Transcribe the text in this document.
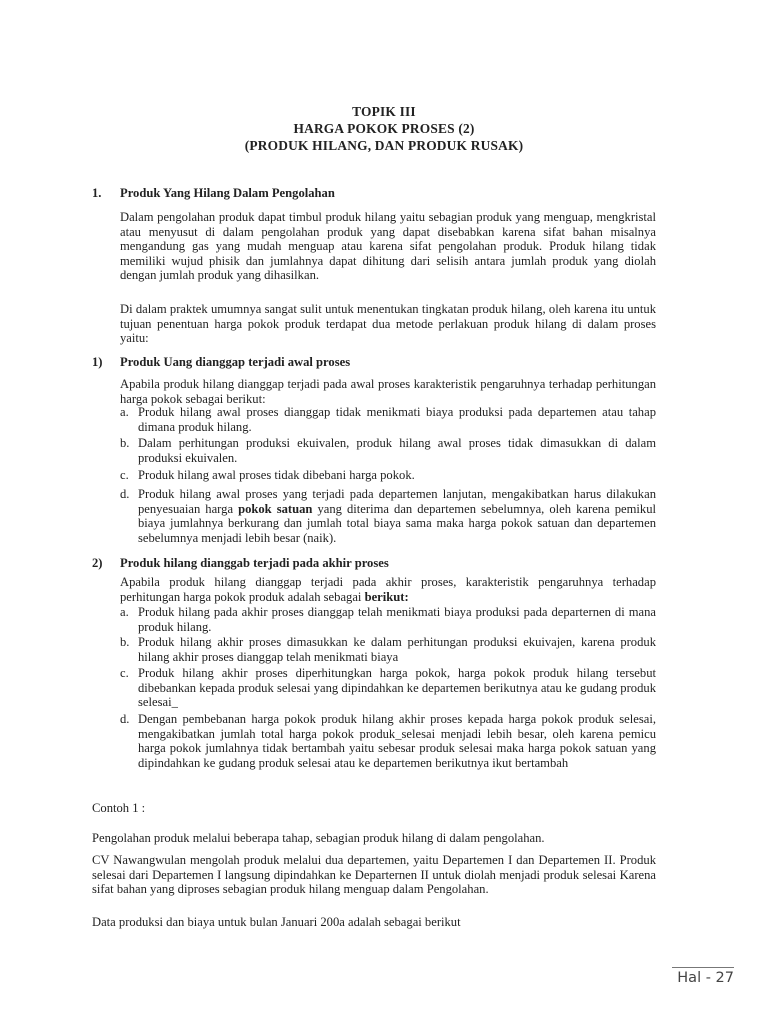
TOPIK III
HARGA POKOK PROSES (2)
(PRODUK HILANG, DAN PRODUK RUSAK)
1. Produk Yang Hilang Dalam Pengolahan
Dalam pengolahan produk dapat timbul produk hilang yaitu sebagian produk yang menguap, mengkristal atau menyusut di dalam pengolahan produk yang dapat disebabkan karena sifat bahan misalnya mengandung gas yang mudah menguap atau karena sifat pengolahan produk. Produk hilang tidak memiliki wujud phisik dan jumlahnya dapat dihitung dari selisih antara jumlah produk yang diolah dengan jumlah produk yang dihasilkan.
Di dalam praktek umumnya sangat sulit untuk menentukan tingkatan produk hilang, oleh karena itu untuk tujuan penentuan harga pokok produk terdapat dua metode perlakuan produk hilang di dalam proses yaitu:
1) Produk Uang dianggap terjadi awal proses
Apabila produk hilang dianggap terjadi pada awal proses karakteristik pengaruhnya terhadap perhitungan harga pokok sebagai berikut:
a. Produk hilang awal proses dianggap tidak menikmati biaya produksi pada departemen atau tahap dimana produk hilang.
b. Dalam perhitungan produksi ekuivalen, produk hilang awal proses tidak dimasukkan di dalam produksi ekuivalen.
c. Produk hilang awal proses tidak dibebani harga pokok.
d. Produk hilang awal proses yang terjadi pada departemen lanjutan, mengakibatkan harus dilakukan penyesuaian harga pokok satuan yang diterima dan departemen sebelumnya, oleh karena pemikul biaya jumlahnya berkurang dan jumlah total biaya sama maka harga pokok satuan dan departemen sebelumnya menjadi lebih besar (naik).
2) Produk hilang dianggab terjadi pada akhir proses
Apabila produk hilang dianggap terjadi pada akhir proses, karakteristik pengaruhnya terhadap perhitungan harga pokok produk adalah sebagai berikut:
a. Produk hilang pada akhir proses dianggap telah menikmati biaya produksi pada departernen di mana produk hilang.
b. Produk hilang akhir proses dimasukkan ke dalam perhitungan produksi ekuivajen, karena produk hilang akhir proses dianggap telah menikmati biaya
c. Produk hilang akhir proses diperhitungkan harga pokok, harga pokok produk hilang tersebut dibebankan kepada produk selesai yang dipindahkan ke departemen berikutnya atau ke gudang produk selesai_
d. Dengan pembebanan harga pokok produk hilang akhir proses kepada harga pokok produk selesai, mengakibatkan jumlah total harga pokok produk_selesai menjadi lebih besar, oleh karena pemicu harga pokok jumlahnya tidak bertambah yaitu sebesar produk selesai maka harga pokok satuan yang dipindahkan ke gudang produk selesai atau ke departemen berikutnya ikut bertambah
Contoh 1 :
Pengolahan produk melalui beberapa tahap, sebagian produk hilang di dalam pengolahan.
CV Nawangwulan mengolah produk melalui dua departemen, yaitu Departemen I dan Departemen II. Produk selesai dari Departemen I langsung dipindahkan ke Departernen II untuk diolah menjadi produk selesai Karena sifat bahan yang diproses sebagian produk hilang menguap dalam Pengolahan.
Data produksi dan biaya untuk bulan Januari 200a adalah sebagai berikut
Hal - 27
